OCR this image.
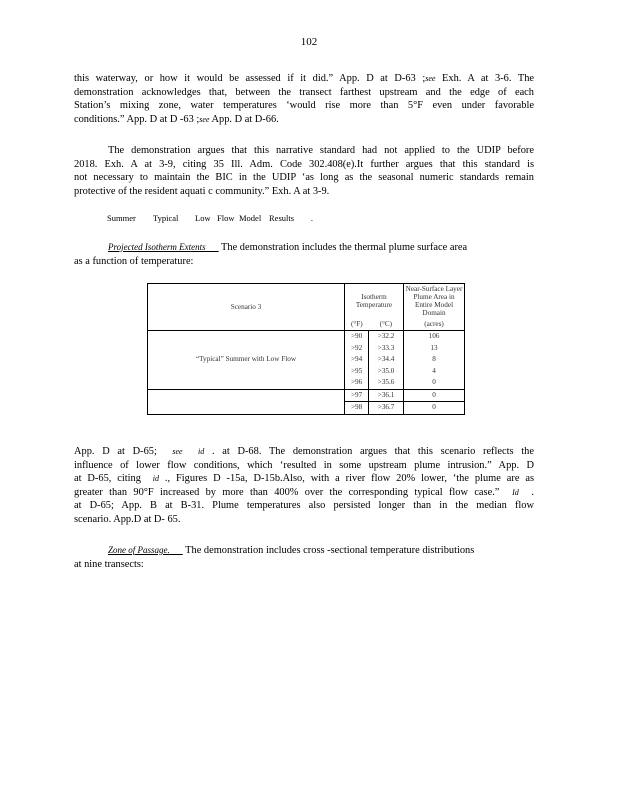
102
this waterway, or how it would be assessed if it did.” App. D at D-63 ;see Exh. A at 3-6. The
demonstration acknowledges that, between the transect farthest upstream and the edge of each
Station’s mixing zone, water temperatures ‘would rise more than 5°F even under favorable
conditions.” App. D at D -63 ;see App. D at D-66.
The demonstration argues that this narrative standard had not applied to the UDIP before
2018. Exh. A at 3-9, citing 35 Ill. Adm. Code 302.408(e).It further argues that this standard is
not necessary to maintain the BIC in the UDIP ‘as long as the seasonal numeric standards remain
protective of the resident aquati c community.” Exh. A at 3-9.
Summer Typical Low Flow Model Results .
Projected Isotherm Extents      The demonstration includes the thermal plume surface area
as a function of temperature:
Scenario 3	Isotherm Temperature		Near-Surface Layer Plume Area in Entire Model Domain
	(°F)	(°C)	(acres)
“Typical” Summer with Low Flow	>90	>32.2	106
	>92	>33.3	13
	>94	>34.4	8
	>95	>35.0	4
	>96	>35.6	0
	>97	>36.1	0
	>98	>36.7	0
App. D at D-65; see id . at D-68. The demonstration argues that this scenario reflects the
influence of lower flow conditions, which ‘resulted in some upstream plume intrusion.” App. D
at D-65, citing id ., Figures D -15a, D-15b.Also, with a river flow 20% lower, ‘the plume are as
greater than 90°F increased by more than 400% over the corresponding typical flow case.” Id  .
at D-65; App. B at B-31. Plume temperatures also persisted longer than in the median flow
scenario. App.D at D- 65.
Zone of Passage.      The demonstration includes cross -sectional temperature distributions
at nine transects:
